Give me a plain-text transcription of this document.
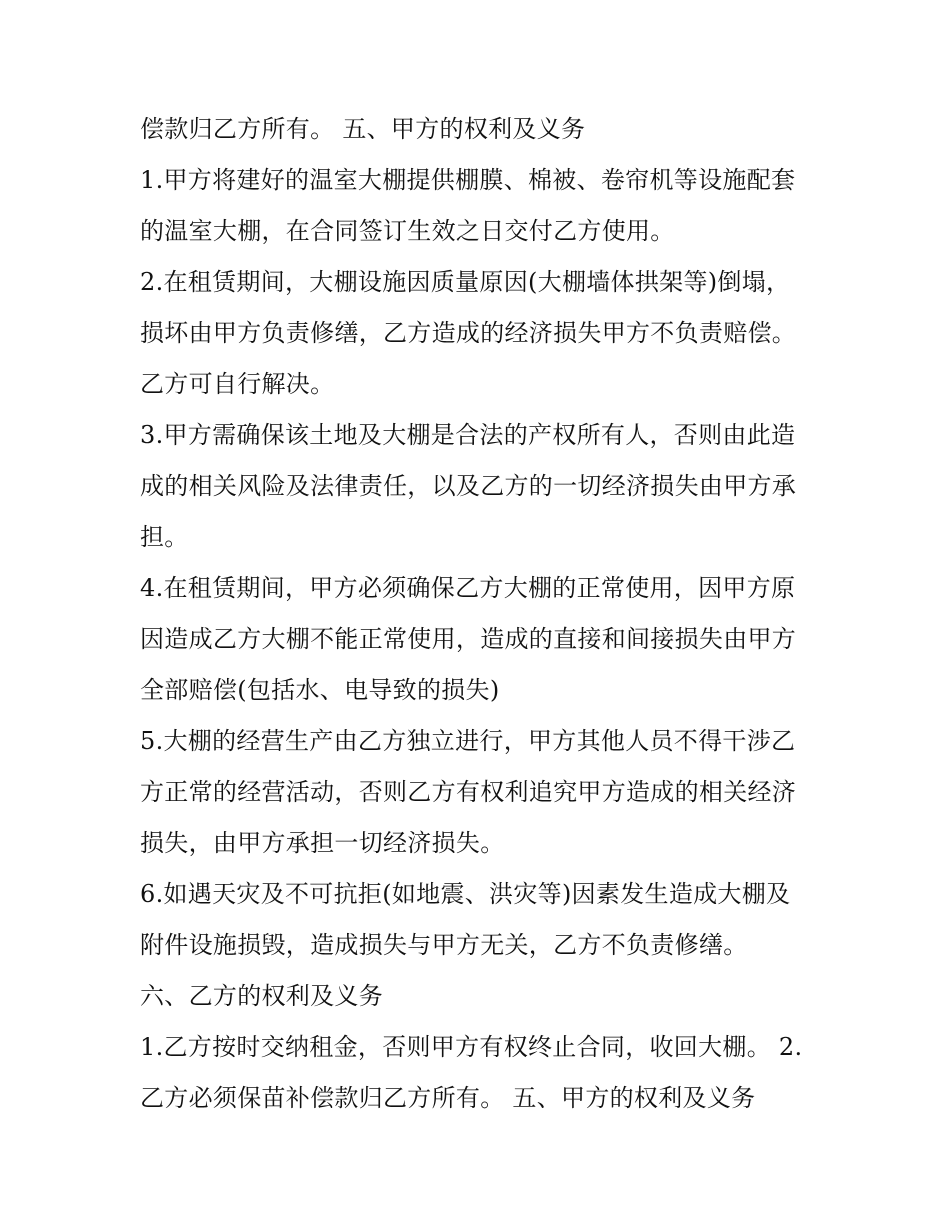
偿款归乙方所有。 五、甲方的权利及义务

1.甲方将建好的温室大棚提供棚膜、棉被、卷帘机等设施配套

的温室大棚，在合同签订生效之日交付乙方使用。

2.在租赁期间，大棚设施因质量原因(大棚墙体拱架等)倒塌，

损坏由甲方负责修缮，乙方造成的经济损失甲方不负责赔偿。

乙方可自行解决。

3.甲方需确保该土地及大棚是合法的产权所有人，否则由此造

成的相关风险及法律责任，以及乙方的一切经济损失由甲方承

担。

4.在租赁期间，甲方必须确保乙方大棚的正常使用，因甲方原

因造成乙方大棚不能正常使用，造成的直接和间接损失由甲方

全部赔偿(包括水、电导致的损失)

5.大棚的经营生产由乙方独立进行，甲方其他人员不得干涉乙

方正常的经营活动，否则乙方有权利追究甲方造成的相关经济

损失，由甲方承担一切经济损失。

6.如遇天灾及不可抗拒(如地震、洪灾等)因素发生造成大棚及

附件设施损毁，造成损失与甲方无关，乙方不负责修缮。

六、乙方的权利及义务

1.乙方按时交纳租金，否则甲方有权终止合同，收回大棚。 2.

乙方必须保苗补偿款归乙方所有。 五、甲方的权利及义务
